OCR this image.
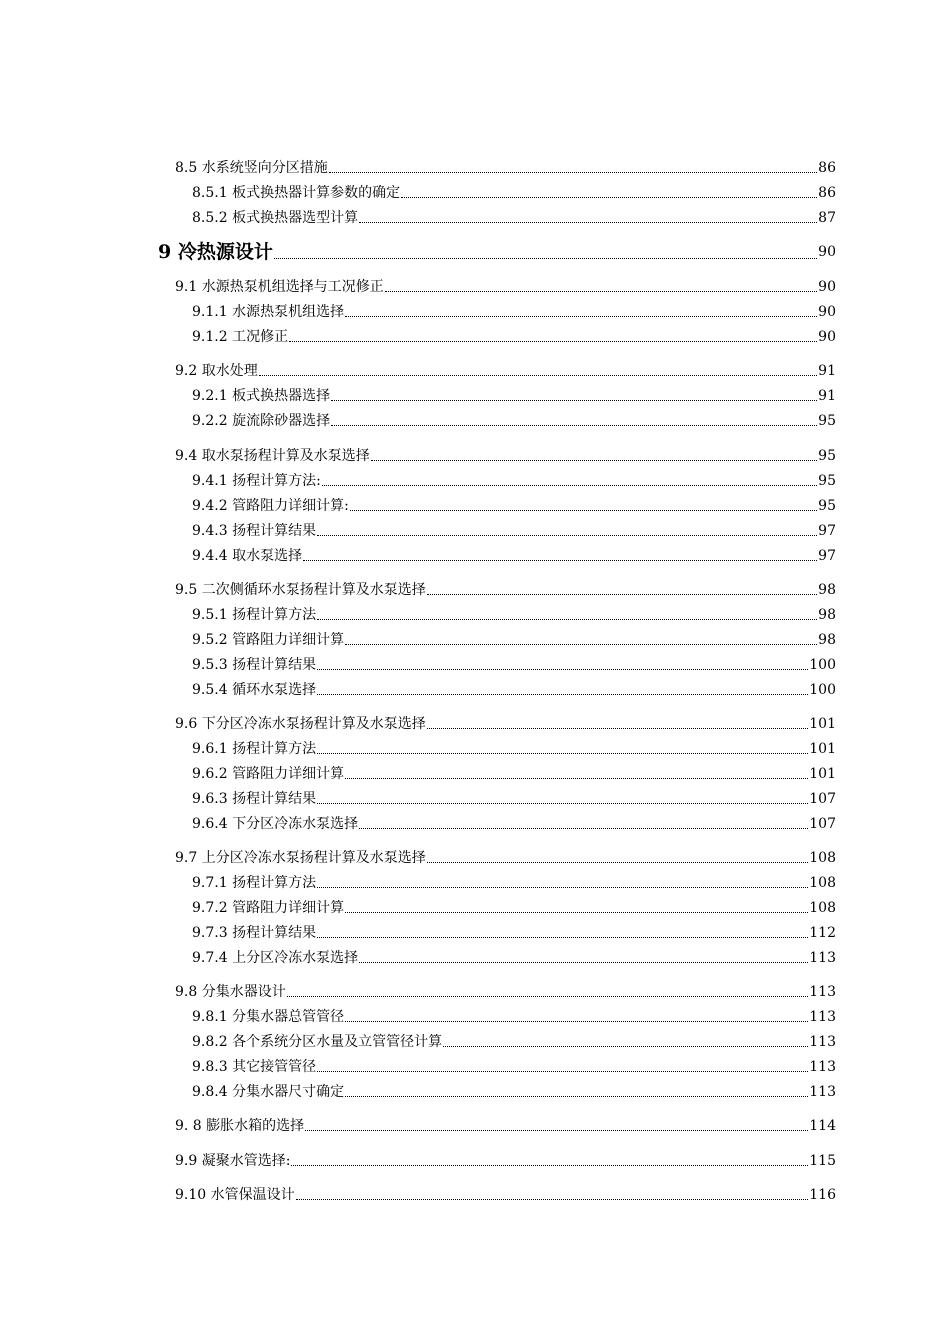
8.5 水系统竖向分区措施	86
8.5.1 板式换热器计算参数的确定	86
8.5.2 板式换热器选型计算	87
9 冷热源设计	90
9.1 水源热泵机组选择与工况修正	90
9.1.1 水源热泵机组选择	90
9.1.2 工况修正	90
9.2 取水处理	91
9.2.1 板式换热器选择	91
9.2.2 旋流除砂器选择	95
9.4 取水泵扬程计算及水泵选择	95
9.4.1 扬程计算方法:	95
9.4.2 管路阻力详细计算:	95
9.4.3 扬程计算结果	97
9.4.4 取水泵选择	97
9.5 二次侧循环水泵扬程计算及水泵选择	98
9.5.1 扬程计算方法	98
9.5.2 管路阻力详细计算	98
9.5.3 扬程计算结果	100
9.5.4 循环水泵选择	100
9.6 下分区冷冻水泵扬程计算及水泵选择	101
9.6.1 扬程计算方法	101
9.6.2 管路阻力详细计算	101
9.6.3 扬程计算结果	107
9.6.4 下分区冷冻水泵选择	107
9.7 上分区冷冻水泵扬程计算及水泵选择	108
9.7.1 扬程计算方法	108
9.7.2 管路阻力详细计算	108
9.7.3 扬程计算结果	112
9.7.4 上分区冷冻水泵选择	113
9.8 分集水器设计	113
9.8.1 分集水器总管管径	113
9.8.2 各个系统分区水量及立管管径计算	113
9.8.3 其它接管管径	113
9.8.4 分集水器尺寸确定	113
9. 8 膨胀水箱的选择	114
9.9 凝聚水管选择:	115
9.10 水管保温设计	116
